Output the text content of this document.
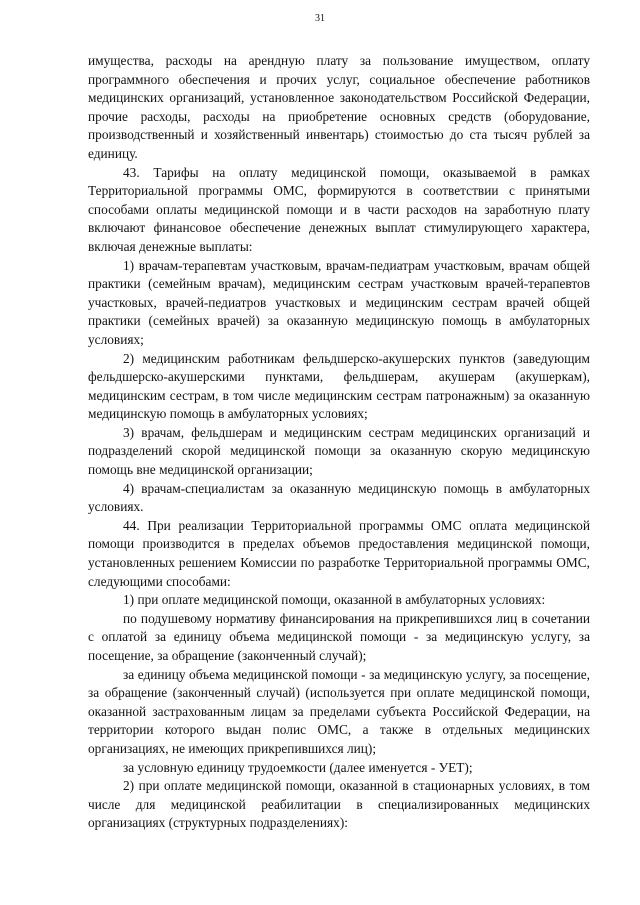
31

имущества, расходы на арендную плату за пользование имуществом, оплату программного обеспечения и прочих услуг, социальное обеспечение работников медицинских организаций, установленное законодательством Российской Федерации, прочие расходы, расходы на приобретение основных средств (оборудование, производственный и хозяйственный инвентарь) стоимостью до ста тысяч рублей за единицу.

43. Тарифы на оплату медицинской помощи, оказываемой в рамках Территориальной программы ОМС, формируются в соответствии с принятыми способами оплаты медицинской помощи и в части расходов на заработную плату включают финансовое обеспечение денежных выплат стимулирующего характера, включая денежные выплаты:

1) врачам-терапевтам участковым, врачам-педиатрам участковым, врачам общей практики (семейным врачам), медицинским сестрам участковым врачей-терапевтов участковых, врачей-педиатров участковых и медицинским сестрам врачей общей практики (семейных врачей) за оказанную медицинскую помощь в амбулаторных условиях;

2) медицинским работникам фельдшерско-акушерских пунктов (заведующим фельдшерско-акушерскими пунктами, фельдшерам, акушерам (акушеркам), медицинским сестрам, в том числе медицинским сестрам патронажным) за оказанную медицинскую помощь в амбулаторных условиях;

3) врачам, фельдшерам и медицинским сестрам медицинских организаций и подразделений скорой медицинской помощи за оказанную скорую медицинскую помощь вне медицинской организации;

4) врачам-специалистам за оказанную медицинскую помощь в амбулаторных условиях.

44. При реализации Территориальной программы ОМС оплата медицинской помощи производится в пределах объемов предоставления медицинской помощи, установленных решением Комиссии по разработке Территориальной программы ОМС, следующими способами:

1) при оплате медицинской помощи, оказанной в амбулаторных условиях:

по подушевому нормативу финансирования на прикрепившихся лиц в сочетании с оплатой за единицу объема медицинской помощи - за медицинскую услугу, за посещение, за обращение (законченный случай);

за единицу объема медицинской помощи - за медицинскую услугу, за посещение, за обращение (законченный случай) (используется при оплате медицинской помощи, оказанной застрахованным лицам за пределами субъекта Российской Федерации, на территории которого выдан полис ОМС, а также в отдельных медицинских организациях, не имеющих прикрепившихся лиц);

за условную единицу трудоемкости (далее именуется - УЕТ);

2) при оплате медицинской помощи, оказанной в стационарных условиях, в том числе для медицинской реабилитации в специализированных медицинских организациях (структурных подразделениях):
